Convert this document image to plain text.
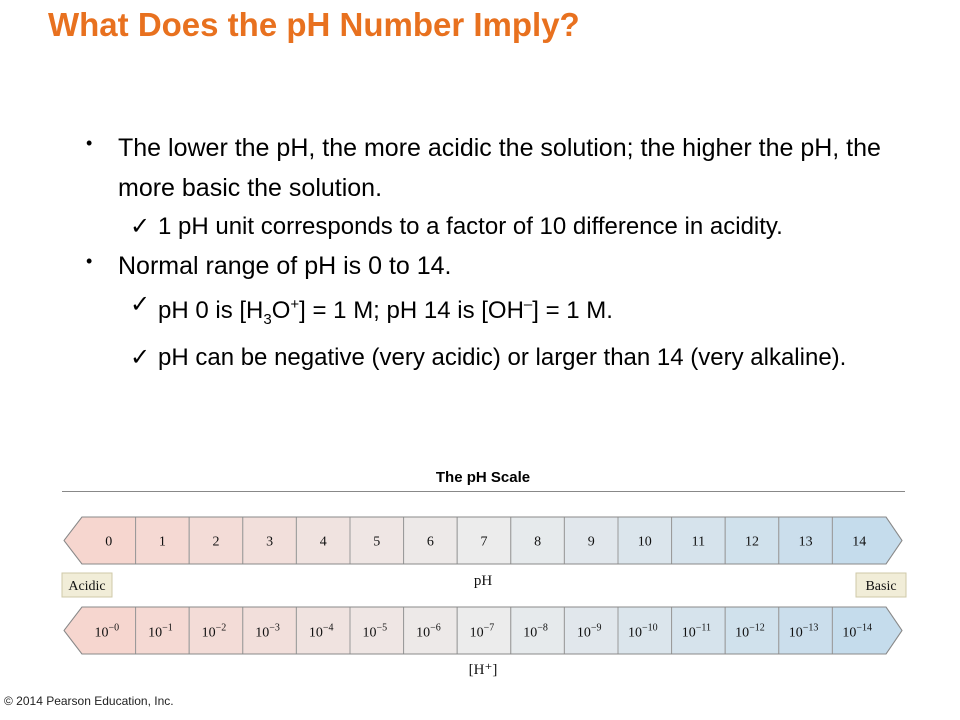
What Does the pH Number Imply?
•	The lower the pH, the more acidic the solution; the higher the pH, the more basic the solution.
✓ 1 pH unit corresponds to a factor of 10 difference in acidity.
•	Normal range of pH is 0 to 14.
✓ pH 0 is $[H_3O^+] = 1$ M; pH 14 is [OH–] = 1 M.
✓ pH can be negative (very acidic) or larger than 14 (very alkaline).
The pH Scale
0	1	2	3	4	5	6	7	8	9	10	11	12	13	14
$10^{-0}$ $10^{-1}$ $10^{-2}$ $10^{-3}$ $10^{-4}$ $10^{-5}$ $10^{-6}$ $10^{-7}$ $10^{-8}$ $10^{-9}$ $10^{-10}$ $10^{-11}$ $10^{-12}$ $10^{-13}$ $10^{-14}$
Acidic	Basic
pH
[H⁺]
© 2014 Pearson Education, Inc.
